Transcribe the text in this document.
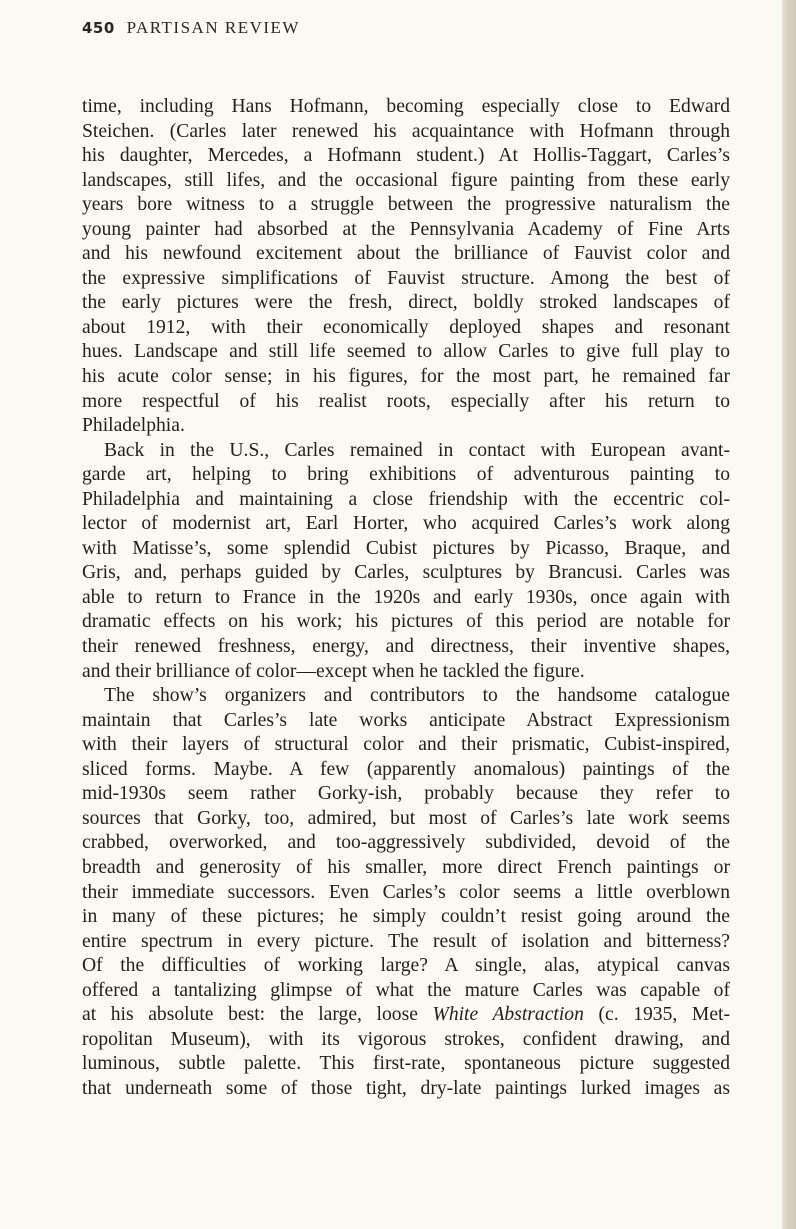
450 PARTISAN REVIEW
time, including Hans Hofmann, becoming especially close to Edward
Steichen. (Carles later renewed his acquaintance with Hofmann through
his daughter, Mercedes, a Hofmann student.) At Hollis-Taggart, Carles’s
landscapes, still lifes, and the occasional figure painting from these early
years bore witness to a struggle between the progressive naturalism the
young painter had absorbed at the Pennsylvania Academy of Fine Arts
and his newfound excitement about the brilliance of Fauvist color and
the expressive simplifications of Fauvist structure. Among the best of
the early pictures were the fresh, direct, boldly stroked landscapes of
about 1912, with their economically deployed shapes and resonant
hues. Landscape and still life seemed to allow Carles to give full play to
his acute color sense; in his figures, for the most part, he remained far
more respectful of his realist roots, especially after his return to
Philadelphia.
Back in the U.S., Carles remained in contact with European avant-
garde art, helping to bring exhibitions of adventurous painting to
Philadelphia and maintaining a close friendship with the eccentric col-
lector of modernist art, Earl Horter, who acquired Carles’s work along
with Matisse’s, some splendid Cubist pictures by Picasso, Braque, and
Gris, and, perhaps guided by Carles, sculptures by Brancusi. Carles was
able to return to France in the 1920s and early 1930s, once again with
dramatic effects on his work; his pictures of this period are notable for
their renewed freshness, energy, and directness, their inventive shapes,
and their brilliance of color—except when he tackled the figure.
The show’s organizers and contributors to the handsome catalogue
maintain that Carles’s late works anticipate Abstract Expressionism
with their layers of structural color and their prismatic, Cubist-inspired,
sliced forms. Maybe. A few (apparently anomalous) paintings of the
mid-1930s seem rather Gorky-ish, probably because they refer to
sources that Gorky, too, admired, but most of Carles’s late work seems
crabbed, overworked, and too-aggressively subdivided, devoid of the
breadth and generosity of his smaller, more direct French paintings or
their immediate successors. Even Carles’s color seems a little overblown
in many of these pictures; he simply couldn’t resist going around the
entire spectrum in every picture. The result of isolation and bitterness?
Of the difficulties of working large? A single, alas, atypical canvas
offered a tantalizing glimpse of what the mature Carles was capable of
at his absolute best: the large, loose White Abstraction (c. 1935, Met-
ropolitan Museum), with its vigorous strokes, confident drawing, and
luminous, subtle palette. This first-rate, spontaneous picture suggested
that underneath some of those tight, dry-late paintings lurked images as
